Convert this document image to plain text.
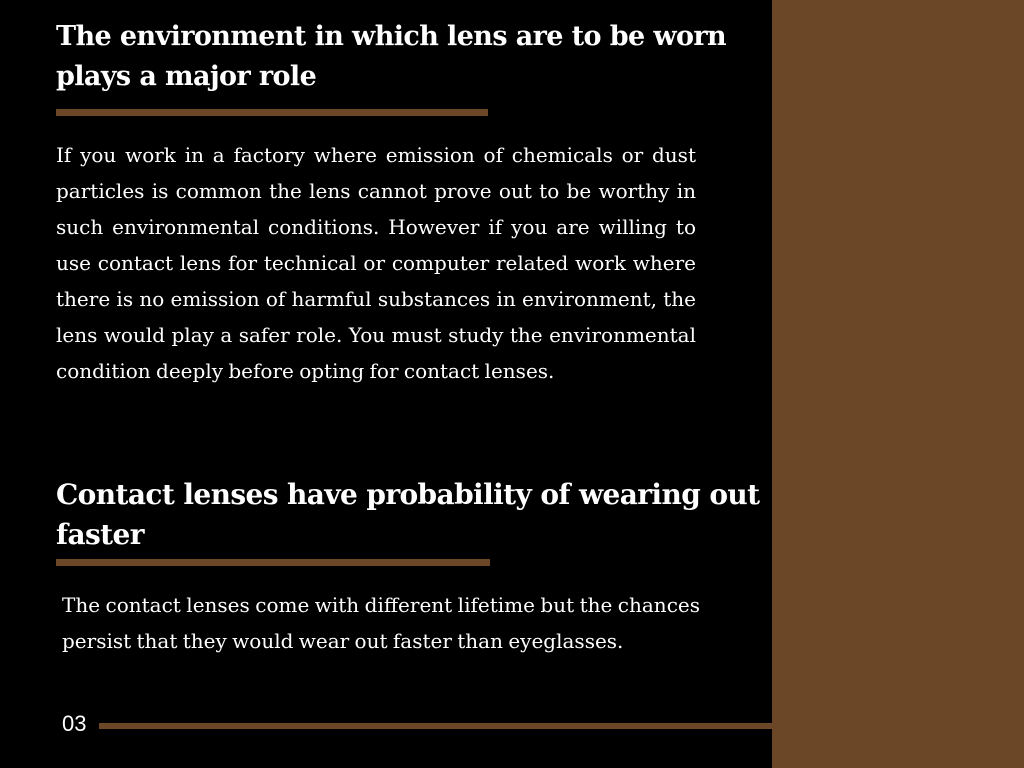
The environment in which lens are to be worn
plays a major role

If you work in a factory where emission of chemicals or dust particles is common the lens cannot prove out to be worthy in such environmental conditions. However if you are willing to use contact lens for technical or computer related work where there is no emission of harmful substances in environment, the lens would play a safer role. You must study the environmental condition deeply before opting for contact lenses.

Contact lenses have probability of wearing out
faster

The contact lenses come with different lifetime but the chances persist that they would wear out faster than eyeglasses.

03
